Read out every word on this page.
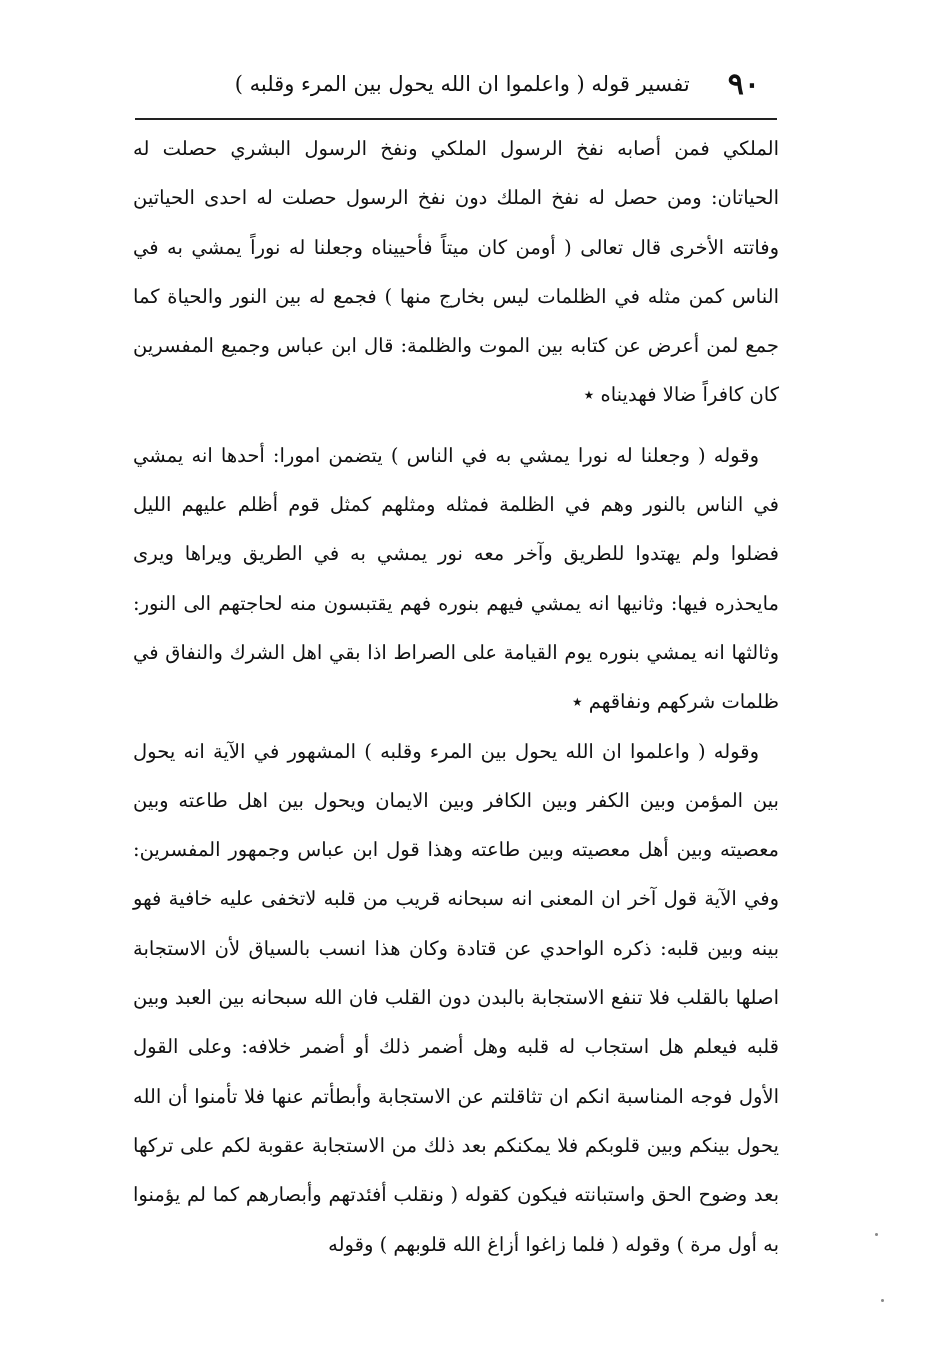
٩٠
تفسير قوله ( واعلموا ان الله يحول بين المرء وقلبه )

الملكي فمن أصابه نفخ الرسول الملكي ونفخ الرسول البشري حصلت له الحياتان: ومن حصل له نفخ الملك دون نفخ الرسول حصلت له احدى الحياتين وفاتته الأخرى قال تعالى ( أومن كان ميتاً فأحييناه وجعلنا له نوراً يمشي به في الناس كمن مثله في الظلمات ليس بخارج منها ) فجمع له بين النور والحياة كما جمع لمن أعرض عن كتابه بين الموت والظلمة: قال ابن عباس وجميع المفسرين كان كافراً ضالا فهديناه ٭

وقوله ( وجعلنا له نورا يمشي به في الناس ) يتضمن امورا: أحدها انه يمشي في الناس بالنور وهم في الظلمة فمثله ومثلهم كمثل قوم أظلم عليهم الليل فضلوا ولم يهتدوا للطريق وآخر معه نور يمشي به في الطريق ويراها ويرى مايحذره فيها: وثانيها انه يمشي فيهم بنوره فهم يقتبسون منه لحاجتهم الى النور: وثالثها انه يمشي بنوره يوم القيامة على الصراط اذا بقي اهل الشرك والنفاق في ظلمات شركهم ونفاقهم ٭

وقوله ( واعلموا ان الله يحول بين المرء وقلبه ) المشهور في الآية انه يحول بين المؤمن وبين الكفر وبين الكافر وبين الايمان ويحول بين اهل طاعته وبين معصيته وبين أهل معصيته وبين طاعته وهذا قول ابن عباس وجمهور المفسرين: وفي الآية قول آخر ان المعنى انه سبحانه قريب من قلبه لاتخفى عليه خافية فهو بينه وبين قلبه: ذكره الواحدي عن قتادة وكان هذا انسب بالسياق لأن الاستجابة اصلها بالقلب فلا تنفع الاستجابة بالبدن دون القلب فان الله سبحانه بين العبد وبين قلبه فيعلم هل استجاب له قلبه وهل أضمر ذلك أو أضمر خلافه: وعلى القول الأول فوجه المناسبة انكم ان تثاقلتم عن الاستجابة وأبطأتم عنها فلا تأمنوا أن الله يحول بينكم وبين قلوبكم فلا يمكنكم بعد ذلك من الاستجابة عقوبة لكم على تركها بعد وضوح الحق واستبانته فيكون كقوله ( ونقلب أفئدتهم وأبصارهم كما لم يؤمنوا به أول مرة ) وقوله ( فلما زاغوا أزاغ الله قلوبهم ) وقوله
